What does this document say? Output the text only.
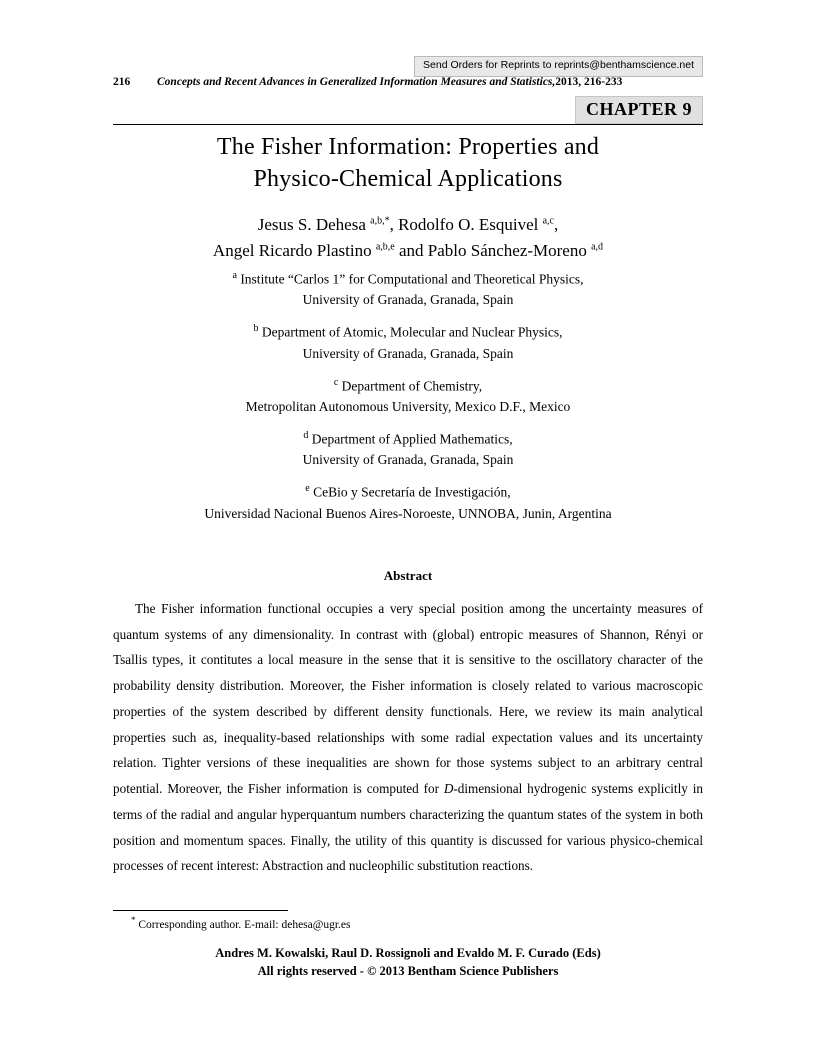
Send Orders for Reprints to reprints@benthamscience.net
216 Concepts and Recent Advances in Generalized Information Measures and Statistics,2013, 216-233
CHAPTER 9
The Fisher Information: Properties and
Physico-Chemical Applications
Jesus S. Dehesa $^{a,b,*}$, Rodolfo O. Esquivel $^{a,c}$,
Angel Ricardo Plastino $^{a,b,e}$ and Pablo Sánchez-Moreno $^{a,d}$
$^a$ Institute “Carlos 1” for Computational and Theoretical Physics,
University of Granada, Granada, Spain
$^b$ Department of Atomic, Molecular and Nuclear Physics,
University of Granada, Granada, Spain
$^c$ Department of Chemistry,
Metropolitan Autonomous University, Mexico D.F., Mexico
$^d$ Department of Applied Mathematics,
University of Granada, Granada, Spain
$^e$ CeBio y Secretaría de Investigación,
Universidad Nacional Buenos Aires-Noroeste, UNNOBA, Junin, Argentina
Abstract
The Fisher information functional occupies a very special position among the uncertainty measures of quantum systems of any dimensionality. In contrast with (global) entropic measures of Shannon, Rényi or Tsallis types, it contitutes a local measure in the sense that it is sensitive to the oscillatory character of the probability density distribution. Moreover, the Fisher information is closely related to various macroscopic properties of the system described by different density functionals. Here, we review its main analytical properties such as, inequality-based relationships with some radial expectation values and its uncertainty relation. Tighter versions of these inequalities are shown for those systems subject to an arbitrary central potential. Moreover, the Fisher information is computed for D-dimensional hydrogenic systems explicitly in terms of the radial and angular hyperquantum numbers characterizing the quantum states of the system in both position and momentum spaces. Finally, the utility of this quantity is discussed for various physico-chemical processes of recent interest: Abstraction and nucleophilic substitution reactions.
* Corresponding author. E-mail: dehesa@ugr.es
Andres M. Kowalski, Raul D. Rossignoli and Evaldo M. F. Curado (Eds)
All rights reserved - © 2013 Bentham Science Publishers
